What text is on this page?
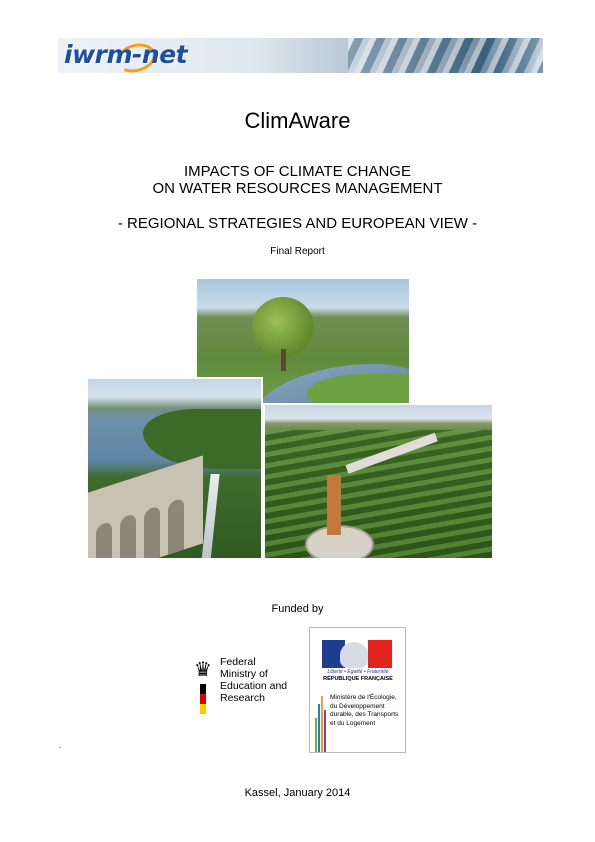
iwrm-net
ClimAware
IMPACTS OF CLIMATE CHANGE
ON WATER RESOURCES MANAGEMENT
- REGIONAL STRATEGIES AND EUROPEAN VIEW -
Final Report
Funded by
♛ Federal Ministry of Education and Research
Liberté • Égalité • Fraternité
RÉPUBLIQUE FRANÇAISE
Ministère de l'Écologie, du Développement durable, des Transports et du Logement
.
Kassel, January 2014
